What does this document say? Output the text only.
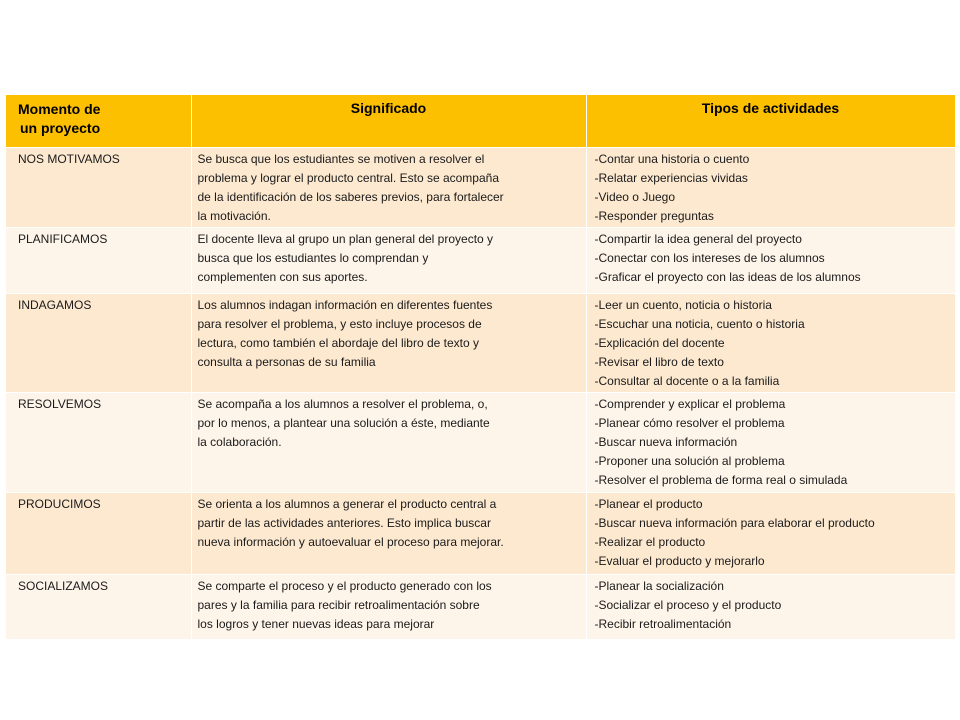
Momento de
un proyecto	Significado	Tipos de actividades
NOS MOTIVAMOS	Se busca que los estudiantes se motiven a resolver el
problema y lograr el producto central. Esto se acompaña
de la identificación de los saberes previos, para fortalecer
la motivación.	-Contar una historia o cuento
-Relatar experiencias vividas
-Video o Juego
-Responder preguntas

PLANIFICAMOS	El docente lleva al grupo un plan general del proyecto y
busca que los estudiantes lo comprendan y
complementen con sus aportes.	-Compartir la idea general del proyecto
-Conectar con los intereses de los alumnos
-Graficar el proyecto con las ideas de los alumnos

INDAGAMOS	Los alumnos indagan información en diferentes fuentes
para resolver el problema, y esto incluye procesos de
lectura, como también el abordaje del libro de texto y
consulta a personas de su familia	-Leer un cuento, noticia o historia
-Escuchar una noticia, cuento o historia
-Explicación del docente
-Revisar el libro de texto
-Consultar al docente o a la familia

RESOLVEMOS	Se acompaña a los alumnos a resolver el problema, o,
por lo menos, a plantear una solución a éste, mediante
la colaboración.	-Comprender y explicar el problema
-Planear cómo resolver el problema
-Buscar nueva información
-Proponer una solución al problema
-Resolver el problema de forma real o simulada

PRODUCIMOS	Se orienta a los alumnos a generar el producto central a
partir de las actividades anteriores. Esto implica buscar
nueva información y autoevaluar el proceso para mejorar.	-Planear el producto
-Buscar nueva información para elaborar el producto
-Realizar el producto
-Evaluar el producto y mejorarlo

SOCIALIZAMOS	Se comparte el proceso y el producto generado con los
pares y la familia para recibir retroalimentación sobre
los logros y tener nuevas ideas para mejorar	-Planear la socialización
-Socializar el proceso y el producto
-Recibir retroalimentación
